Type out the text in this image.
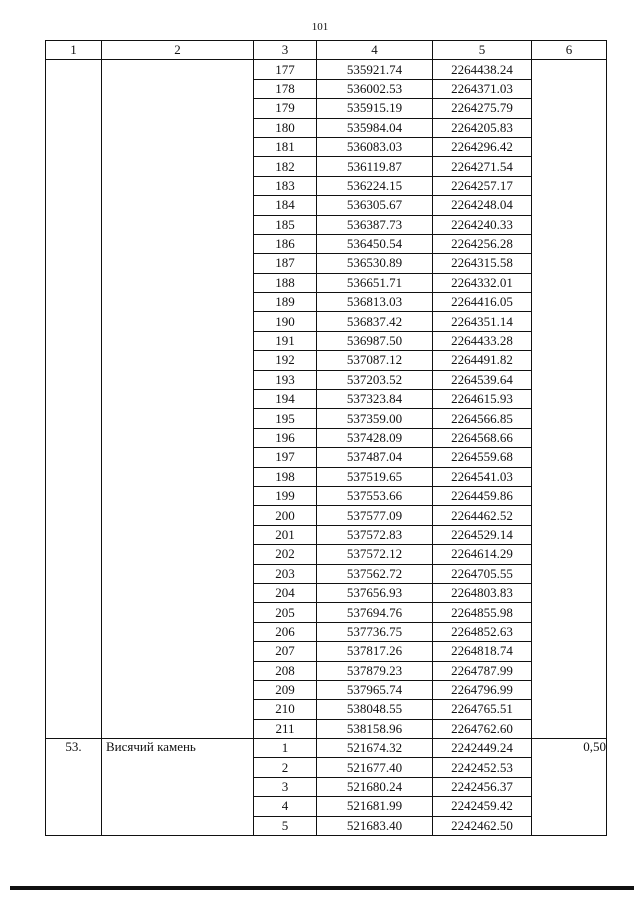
101
1	2	3	4	5	6
		177	535921.74	2264438.24	
		178	536002.53	2264371.03	
		179	535915.19	2264275.79	
		180	535984.04	2264205.83	
		181	536083.03	2264296.42	
		182	536119.87	2264271.54	
		183	536224.15	2264257.17	
		184	536305.67	2264248.04	
		185	536387.73	2264240.33	
		186	536450.54	2264256.28	
		187	536530.89	2264315.58	
		188	536651.71	2264332.01	
		189	536813.03	2264416.05	
		190	536837.42	2264351.14	
		191	536987.50	2264433.28	
		192	537087.12	2264491.82	
		193	537203.52	2264539.64	
		194	537323.84	2264615.93	
		195	537359.00	2264566.85	
		196	537428.09	2264568.66	
		197	537487.04	2264559.68	
		198	537519.65	2264541.03	
		199	537553.66	2264459.86	
		200	537577.09	2264462.52	
		201	537572.83	2264529.14	
		202	537572.12	2264614.29	
		203	537562.72	2264705.55	
		204	537656.93	2264803.83	
		205	537694.76	2264855.98	
		206	537736.75	2264852.63	
		207	537817.26	2264818.74	
		208	537879.23	2264787.99	
		209	537965.74	2264796.99	
		210	538048.55	2264765.51	
		211	538158.96	2264762.60	
53.	Висячий камень	1	521674.32	2242449.24	0,50
		2	521677.40	2242452.53	
		3	521680.24	2242456.37	
		4	521681.99	2242459.42	
		5	521683.40	2242462.50	
